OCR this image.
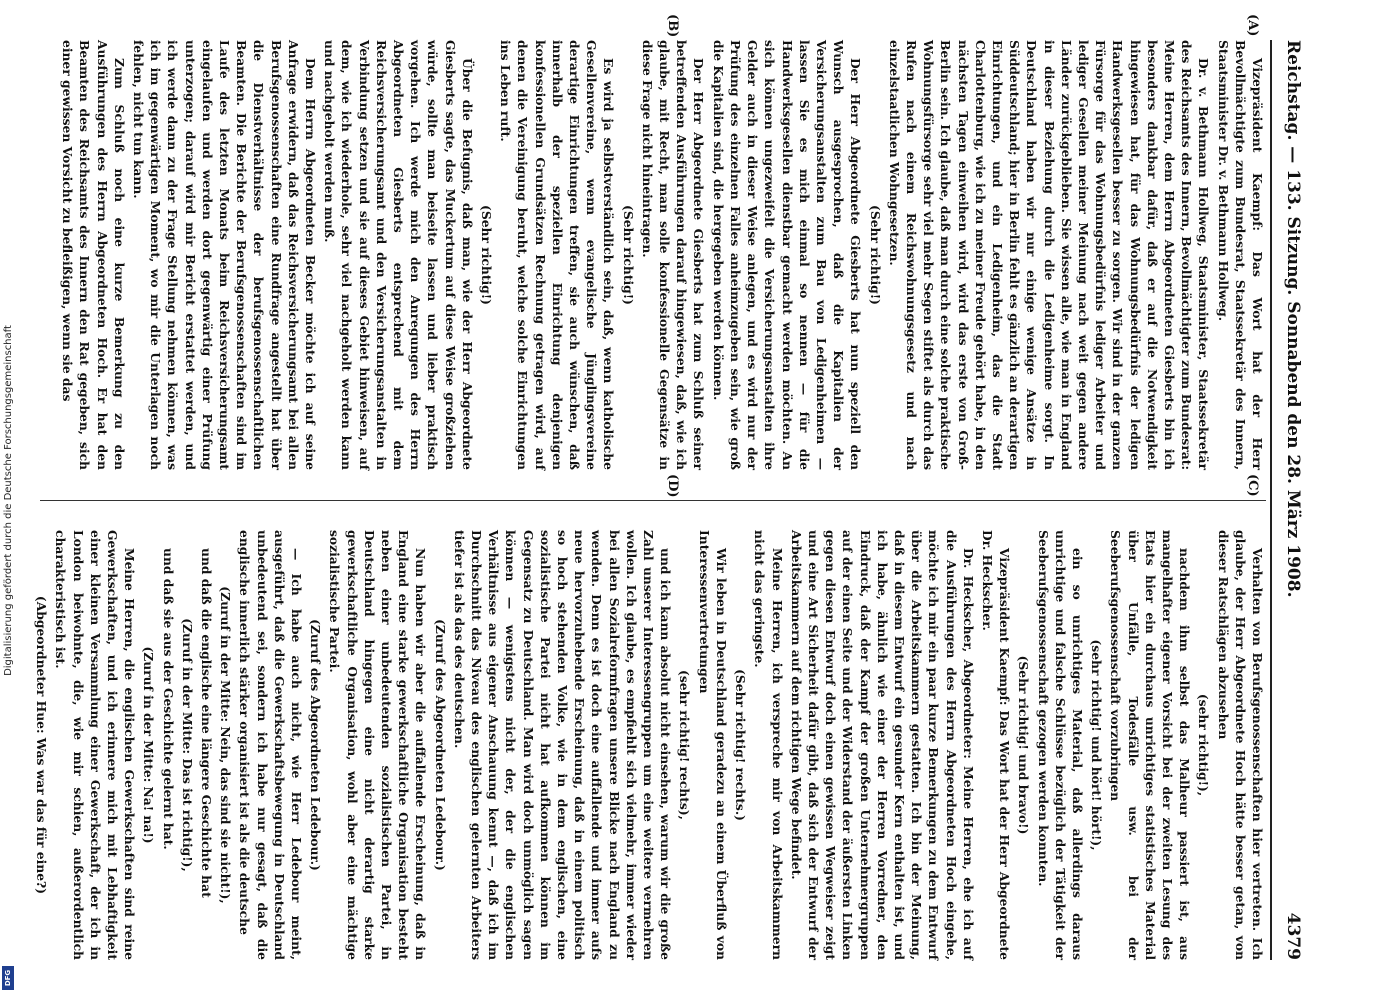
Digitalisierung gefördert durch die Deutsche Forschungsgemeinschaft
DFG
Reichstag. — 133. Sitzung. Sonnabend den 28. März 1908.
4379
(A)
(B)
(C)
(D)

Vizepräsident Kaempf: Das Wort hat der Herr Bevollmächtigte zum Bundesrat, Staatssekretär des Innern, Staatsminister Dr. v. Bethmann Hollweg.

Dr. v. Bethmann Hollweg, Staatsminister, Staatssekretär des Reichsamts des Innern, Bevollmächtigter zum Bundesrat: Meine Herren, dem Herrn Abgeordneten Giesberts bin ich besonders dankbar dafür, daß er auf die Notwendigkeit hingewiesen hat, für das Wohnungsbedürfnis der ledigen Handwerksgesellen besser zu sorgen. Wir sind in der ganzen Fürsorge für das Wohnungsbedürfnis lediger Arbeiter und lediger Gesellen meiner Meinung nach weit gegen andere Länder zurückgeblieben. Sie wissen alle, wie man in England in dieser Beziehung durch die Ledigenheime sorgt. In Deutschland haben wir nur einige wenige Ansätze in Süddeutschland; hier in Berlin fehlt es gänzlich an derartigen Einrichtungen, und ein Ledigenheim, das die Stadt Charlottenburg, wie ich zu meiner Freude gehört habe, in den nächsten Tagen einweihen wird, wird das erste von Groß-Berlin sein. Ich glaube, daß man durch eine solche praktische Wohnungsfürsorge sehr viel mehr Segen stiftet als durch das Rufen nach einem Reichswohnungsgesetz und nach einzelstaatlichen Wohngesetzen.

(Sehr richtig!)

Der Herr Abgeordnete Giesberts hat nun speziell den Wunsch ausgesprochen, daß die Kapitalien der Versicherungsanstalten zum Bau von Ledigenheimen — lassen Sie es mich einmal so nennen — für die Handwerksgesellen dienstbar gemacht werden möchten. An sich können ungezweifelt die Versicherungsanstalten ihre Gelder auch in dieser Weise anlegen, und es wird nur der Prüfung des einzelnen Falles anheimzugeben sein, wie groß die Kapitalien sind, die hergegeben werden können.

Der Herr Abgeordnete Giesberts hat zum Schluß seiner betreffenden Ausführungen darauf hingewiesen, daß, wie ich glaube, mit Recht, man solle konfessionelle Gegensätze in diese Frage nicht hineintragen.

(Sehr richtig!)

Es wird ja selbstverständlich sein, daß, wenn katholische Gesellenvereine, wenn evangelische Jünglingsvereine derartige Einrichtungen treffen, sie auch wünschen, daß innerhalb der speziellen Einrichtung denjenigen konfessionellen Grundsätzen Rechnung getragen wird, auf denen die Vereinigung beruht, welche solche Einrichtungen ins Leben ruft.

(Sehr richtig!)

Über die Befugnis, daß man, wie der Herr Abgeordnete Giesberts sagte, das Muckertum auf diese Weise großziehen würde, sollte man beiseite lassen und lieber praktisch vorgehen. Ich werde mich den Anregungen des Herrn Abgeordneten Giesberts entsprechend mit dem Reichsversicherungsamt und den Versicherungsanstalten in Verbindung setzen und sie auf dieses Gebiet hinweisen, auf dem, wie ich wiederhole, sehr viel nachgeholt werden kann und nachgeholt werden muß.

Dem Herrn Abgeordneten Becker möchte ich auf seine Anfrage erwidern, daß das Reichsversicherungsamt bei allen Berufsgenossenschaften eine Rundfrage angestellt hat über die Dienstverhältnisse der berufsgenossenschaftlichen Beamten. Die Berichte der Berufsgenossenschaften sind im Laufe des letzten Monats beim Reichsversicherungsamt eingelaufen und werden dort gegenwärtig einer Prüfung unterzogen; darauf wird mir Bericht erstattet werden, und ich werde dann zu der Frage Stellung nehmen können, was ich im gegenwärtigen Moment, wo mir die Unterlagen noch fehlen, nicht tun kann.

Zum Schluß noch eine kurze Bemerkung zu den Ausführungen des Herrn Abgeordneten Hoch. Er hat den Beamten des Reichsamts des Innern den Rat gegeben, sich einer gewissen Vorsicht zu befleißigen, wenn sie das

Verhalten von Berufsgenossenschaften hier vertreten. Ich glaube, der Herr Abgeordnete Hoch hätte besser getan, von dieser Ratschlägen abzusehen

(sehr richtig!),

nachdem ihm selbst das Malheur passiert ist, aus mangelhafter eigener Vorsicht bei der zweiten Lesung des Etats hier ein durchaus unrichtiges statistisches Material über Unfälle, Todesfälle usw. bei der Seeberufsgenossenschaft vorzubringen

(sehr richtig! und hört! hört!),

ein so unrichtiges Material, daß allerdings daraus unrichtige und falsche Schlüsse bezüglich der Tätigkeit der Seeberufsgenossenschaft gezogen werden konnten.

(Sehr richtig! und bravo!)

Vizepräsident Kaempf: Das Wort hat der Herr Abgeordnete Dr. Heckscher.

Dr. Heckscher, Abgeordneter: Meine Herren, ehe ich auf die Ausführungen des Herrn Abgeordneten Hoch eingehe, möchte ich mir ein paar kurze Bemerkungen zu dem Entwurf über die Arbeitskammern gestatten. Ich bin der Meinung, daß in diesem Entwurf ein gesunder Kern enthalten ist, und ich habe, ähnlich wie einer der Herren Vorredner, den Eindruck, daß der Kampf der großen Unternehmergruppen auf der einen Seite und der Widerstand der äußersten Linken gegen diesen Entwurf doch einen gewissen Wegweiser zeigt und eine Art Sicherheit dafür gibt, daß sich der Entwurf der Arbeitskammern auf dem richtigen Wege befindet.

Meine Herren, ich verspreche mir von Arbeitskammern nicht das geringste.

(Sehr richtig! rechts.)

Wir leben in Deutschland geradezu an einem Überfluß von Interessenvertretungen

(sehr richtig! rechts),

und ich kann absolut nicht einsehen, warum wir die große Zahl unserer Interessengruppen um eine weitere vermehren wollen. Ich glaube, es empfiehlt sich vielmehr, immer wieder bei allen Sozialreformfragen unsere Blicke nach England zu wenden. Denn es ist doch eine auffallende und immer aufs neue hervorzuhebende Erscheinung, daß in einem politisch so hoch stehenden Volke, wie in dem englischen, eine sozialistische Partei nicht hat aufkommen können im Gegensatz zu Deutschland. Man wird doch unmöglich sagen können — wenigstens nicht der, der die englischen Verhältnisse aus eigener Anschauung kennt —, daß ich im Durchschnitt das Niveau des englischen gelernten Arbeiters tiefer ist als das des deutschen.

(Zuruf des Abgeordneten Ledebour.)

Nun haben wir aber die auffallende Erscheinung, daß in England eine starke gewerkschaftliche Organisation besteht neben einer unbedeutenden sozialistischen Partei, in Deutschland hingegen eine nicht derartig starke gewerkschaftliche Organisation, wohl aber eine mächtige sozialistische Partei.

(Zuruf des Abgeordneten Ledebour.)

— Ich habe auch nicht, wie Herr Ledebour meint, ausgeführt, daß die Gewerkschaftsbewegung in Deutschland unbedeutend sei, sondern ich habe nur gesagt, daß die englische innerlich stärker organisiert ist als die deutsche

(Zuruf in der Mitte: Nein, das sind sie nicht!),

und daß die englische eine längere Geschichte hat

(Zuruf in der Mitte: Das ist richtig!),

und daß sie aus der Geschichte gelernt hat.

(Zuruf in der Mitte: Na! na!)

Meine Herren, die englischen Gewerkschaften sind reine Gewerkschaften, und ich erinnere mich mit Lebhaftigkeit einer kleinen Versammlung einer Gewerkschaft, der ich in London beiwohnte, die, wie mir schien, außerordentlich charakteristisch ist.

(Abgeordneter Hue: Was war das für eine?)
